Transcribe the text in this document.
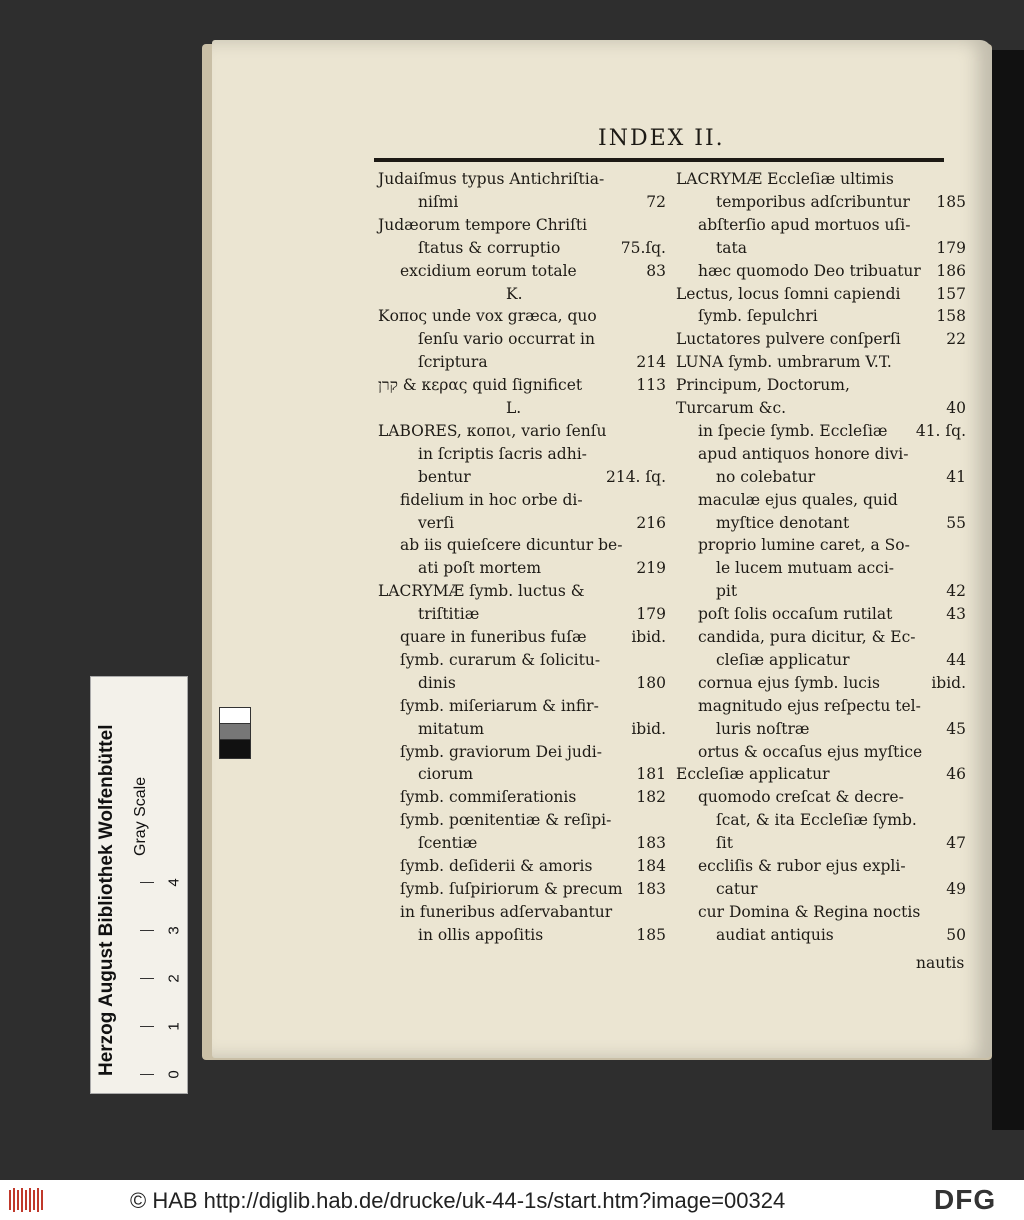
INDEX II.
Judaiſmus typus Antichriſtia-
niſmi	72
Judæorum tempore Chriſti
ſtatus & corruptio	75.ſq.
excidium eorum totale	83
K.
Κοπος unde vox græca, quo
ſenſu vario occurrat in
ſcriptura	214
קרן & κερας quid ſignificet	113
L.
LABORES, κοποι, vario ſenſu
in ſcriptis ſacris adhi-
bentur	214. ſq.
fidelium in hoc orbe di-
verſi	216
ab iis quieſcere dicuntur be-
ati poſt mortem	219
LACRYMÆ ſymb. luctus &
triſtitiæ	179
quare in funeribus fuſæ	ibid.
ſymb. curarum & ſolicitu-
dinis	180
ſymb. miſeriarum & infir-
mitatum	ibid.
ſymb. graviorum Dei judi-
ciorum	181
ſymb. commiſerationis	182
ſymb. pœnitentiæ & reſipi-
ſcentiæ	183
ſymb. deſiderii & amoris	184
ſymb. ſuſpiriorum & precum 183
in funeribus adſervabantur
in ollis appoſitis	185
LACRYMÆ Eccleſiæ ultimis
temporibus adſcribuntur 185
abſterſio apud mortuos uſi-
tata	179
hæc quomodo Deo tribuatur 186
Lectus, locus ſomni capiendi 157
ſymb. ſepulchri	158
Luctatores pulvere conſperſi	22
LUNA ſymb. umbrarum V.T.
Principum, Doctorum,
Turcarum &c.	40
in ſpecie ſymb. Eccleſiæ 41. ſq.
apud antiquos honore divi-
no colebatur	41
maculæ ejus quales, quid
myſtice denotant	55
proprio lumine caret, a So-
le lucem mutuam acci-
pit	42
poſt ſolis occaſum rutilat	43
candida, pura dicitur, & Ec-
cleſiæ applicatur	44
cornua ejus ſymb. lucis	ibid.
magnitudo ejus reſpectu tel-
luris noſtræ	45
ortus & occaſus ejus myſtice
Eccleſiæ applicatur	46
quomodo creſcat & decre-
ſcat, & ita Eccleſiæ ſymb.
ſit	47
eccliſis & rubor ejus expli-
catur	49
cur Domina & Regina noctis
audiat antiquis	50
nautis
Herzog August Bibliothek Wolfenbüttel Gray Scale
0
1
2
3
4
© HAB http://diglib.hab.de/drucke/uk-44-1s/start.htm?image=00324	DFG
